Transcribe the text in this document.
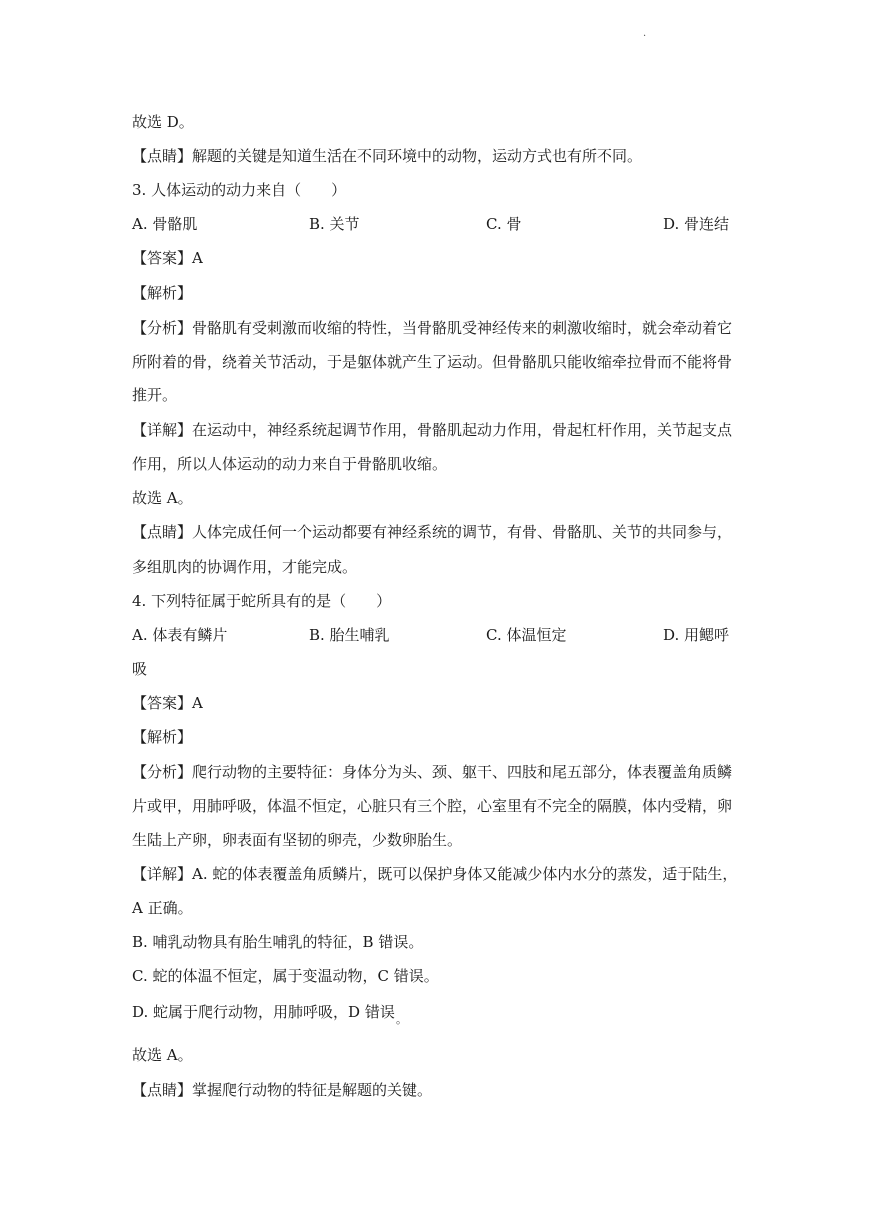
·
故选 D。
【点睛】解题的关键是知道生活在不同环境中的动物，运动方式也有所不同。
3. 人体运动的动力来自（　　）
A. 骨骼肌	B. 关节	C. 骨	D. 骨连结
【答案】A
【解析】
【分析】骨骼肌有受刺激而收缩的特性，当骨骼肌受神经传来的刺激收缩时，就会牵动着它
所附着的骨，绕着关节活动，于是躯体就产生了运动。但骨骼肌只能收缩牵拉骨而不能将骨
推开。
【详解】在运动中，神经系统起调节作用，骨骼肌起动力作用，骨起杠杆作用，关节起支点
作用，所以人体运动的动力来自于骨骼肌收缩。
故选 A。
【点睛】人体完成任何一个运动都要有神经系统的调节，有骨、骨骼肌、关节的共同参与，
多组肌肉的协调作用，才能完成。
4. 下列特征属于蛇所具有的是（　　）
A. 体表有鳞片	B. 胎生哺乳	C. 体温恒定	D. 用鳃呼
吸
【答案】A
【解析】
【分析】爬行动物的主要特征：身体分为头、颈、躯干、四肢和尾五部分，体表覆盖角质鳞
片或甲，用肺呼吸，体温不恒定，心脏只有三个腔，心室里有不完全的隔膜，体内受精，卵
生陆上产卵，卵表面有坚韧的卵壳，少数卵胎生。
【详解】A. 蛇的体表覆盖角质鳞片，既可以保护身体又能减少体内水分的蒸发，适于陆生，
A 正确。
B. 哺乳动物具有胎生哺乳的特征，B 错误。
C. 蛇的体温不恒定，属于变温动物，C 错误。
D. 蛇属于爬行动物，用肺呼吸，D 错误 。
故选 A。
【点睛】掌握爬行动物的特征是解题的关键。
